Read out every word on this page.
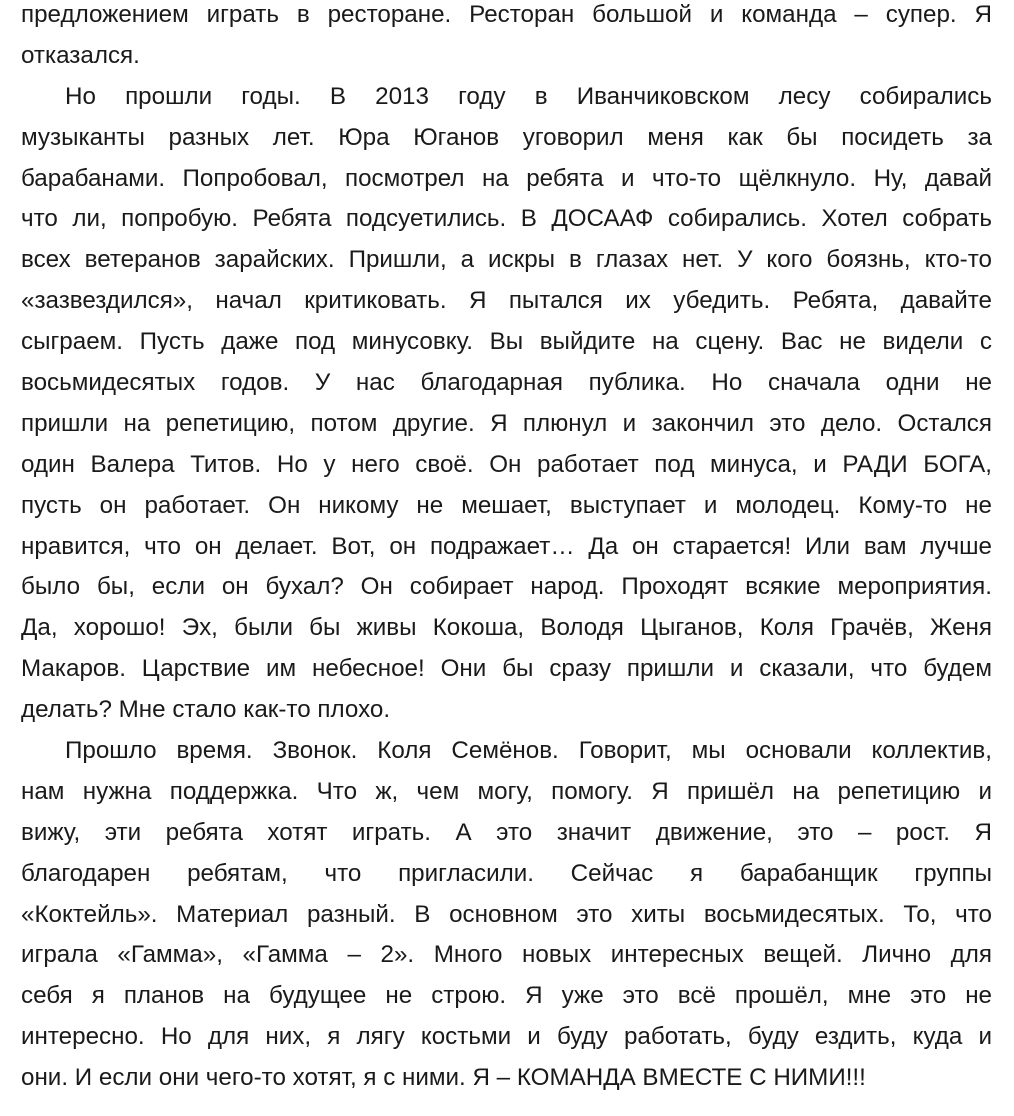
предложением играть в ресторане. Ресторан большой и команда – супер. Я
отказался.
Но прошли годы. В 2013 году в Иванчиковском лесу собирались
музыканты разных лет. Юра Юганов уговорил меня как бы посидеть за
барабанами. Попробовал, посмотрел на ребята и что-то щёлкнуло. Ну, давай
что ли, попробую. Ребята подсуетились. В ДОСААФ собирались. Хотел собрать
всех ветеранов зарайских. Пришли, а искры в глазах нет. У кого боязнь, кто-то
«зазвездился», начал критиковать. Я пытался их убедить. Ребята, давайте
сыграем. Пусть даже под минусовку. Вы выйдите на сцену. Вас не видели с
восьмидесятых годов. У нас благодарная публика. Но сначала одни не
пришли на репетицию, потом другие. Я плюнул и закончил это дело. Остался
один Валера Титов. Но у него своё. Он работает под минуса, и РАДИ БОГА,
пусть он работает. Он никому не мешает, выступает и молодец. Кому-то не
нравится, что он делает. Вот, он подражает… Да он старается! Или вам лучше
было бы, если он бухал? Он собирает народ. Проходят всякие мероприятия.
Да, хорошо! Эх, были бы живы Кокоша, Володя Цыганов, Коля Грачёв, Женя
Макаров. Царствие им небесное! Они бы сразу пришли и сказали, что будем
делать? Мне стало как-то плохо.
Прошло время. Звонок. Коля Семёнов. Говорит, мы основали коллектив,
нам нужна поддержка. Что ж, чем могу, помогу. Я пришёл на репетицию и
вижу, эти ребята хотят играть. А это значит движение, это – рост. Я
благодарен ребятам, что пригласили. Сейчас я барабанщик группы
«Коктейль». Материал разный. В основном это хиты восьмидесятых. То, что
играла «Гамма», «Гамма – 2». Много новых интересных вещей. Лично для
себя я планов на будущее не строю. Я уже это всё прошёл, мне это не
интересно. Но для них, я лягу костьми и буду работать, буду ездить, куда и
они. И если они чего-то хотят, я с ними. Я – КОМАНДА ВМЕСТЕ С НИМИ!!!
